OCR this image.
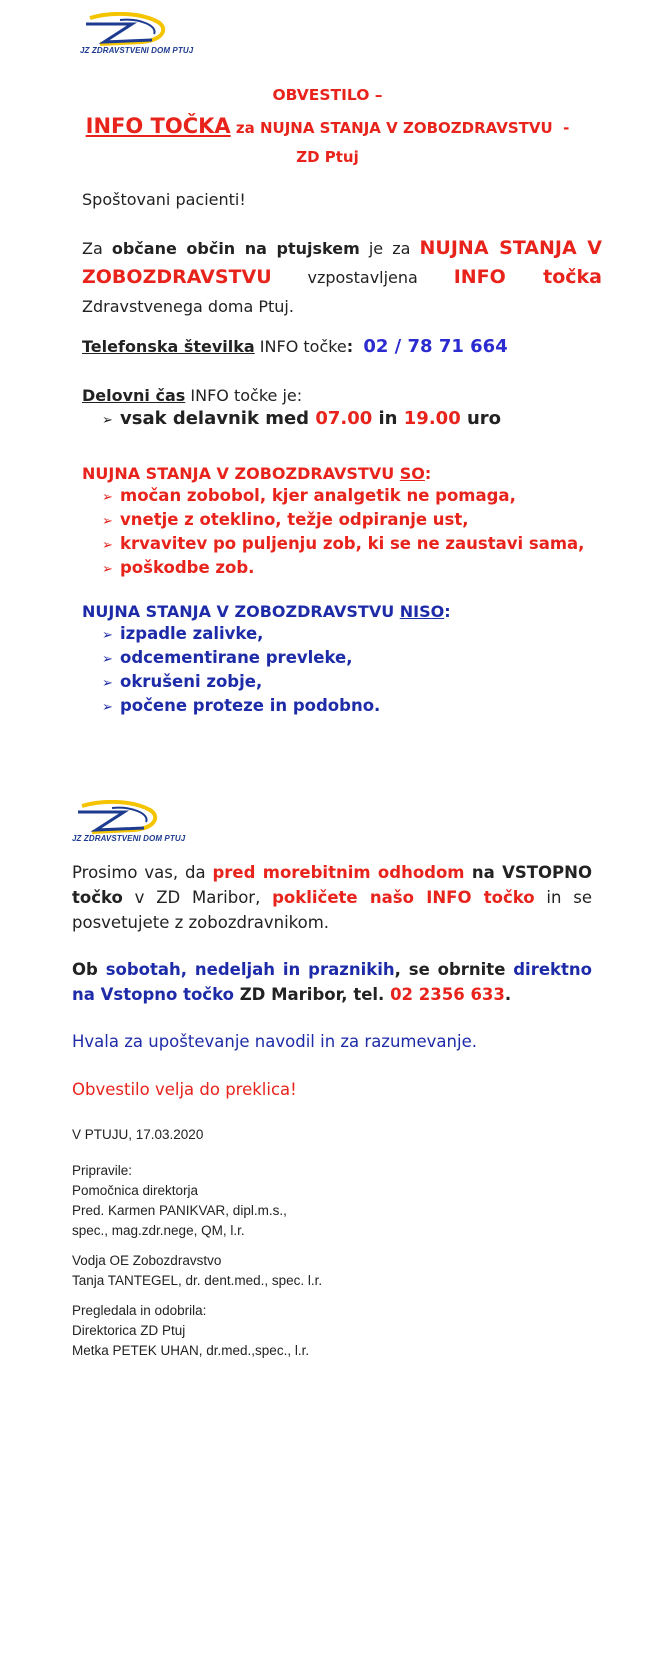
JZ ZDRAVSTVENI DOM PTUJ
OBVESTILO –
INFO TOČKA za NUJNA STANJA V ZOBOZDRAVSTVU  -
ZD Ptuj
Spoštovani pacienti!
Za občane občin na ptujskem je za NUJNA STANJA V ZOBOZDRAVSTVU vzpostavljena INFO točka Zdravstvenega doma Ptuj.
Telefonska številka INFO točke: 02 / 78 71 664
Delovni čas INFO točke je:
➢ vsak delavnik med 07.00 in 19.00 uro
NUJNA STANJA V ZOBOZDRAVSTVU SO:
➢ močan zobobol, kjer analgetik ne pomaga,
➢ vnetje z oteklino, težje odpiranje ust,
➢ krvavitev po puljenju zob, ki se ne zaustavi sama,
➢ poškodbe zob.
NUJNA STANJA V ZOBOZDRAVSTVU NISO:
➢ izpadle zalivke,
➢ odcementirane prevleke,
➢ okrušeni zobje,
➢ počene proteze in podobno.
JZ ZDRAVSTVENI DOM PTUJ
Prosimo vas, da pred morebitnim odhodom na VSTOPNO točko v ZD Maribor, pokličete našo INFO točko in se posvetujete z zobozdravnikom.
Ob sobotah, nedeljah in praznikih, se obrnite direktno na Vstopno točko ZD Maribor, tel. 02 2356 633.
Hvala za upoštevanje navodil in za razumevanje.
Obvestilo velja do preklica!
V PTUJU, 17.03.2020
Pripravile:
Pomočnica direktorja
Pred. Karmen PANIKVAR, dipl.m.s.,
spec., mag.zdr.nege, QM, l.r.
Vodja OE Zobozdravstvo
Tanja TANTEGEL, dr. dent.med., spec. l.r.
Pregledala in odobrila:
Direktorica ZD Ptuj
Metka PETEK UHAN, dr.med.,spec., l.r.
